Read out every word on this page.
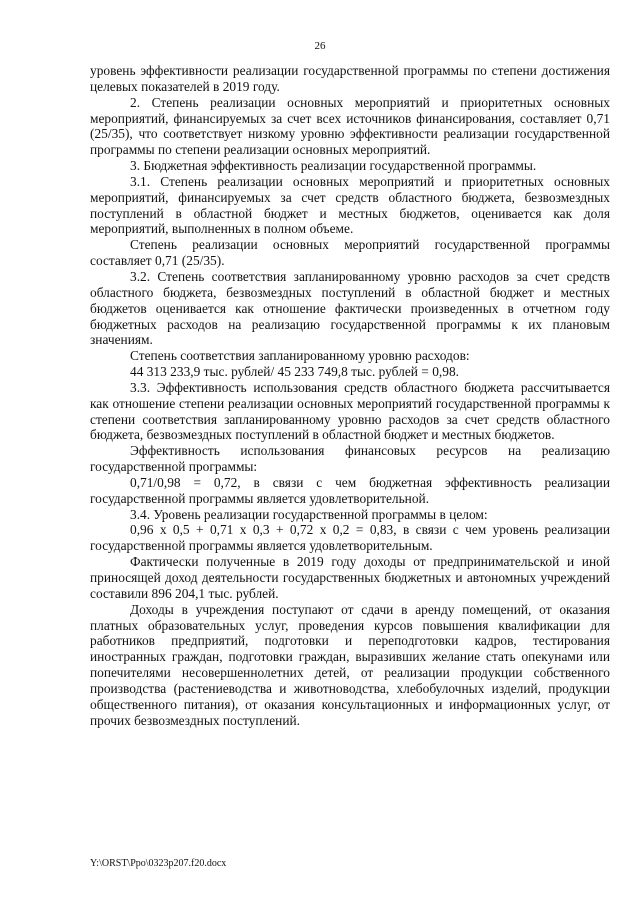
26

уровень эффективности реализации государственной программы по степени достижения целевых показателей в 2019 году.

2. Степень реализации основных мероприятий и приоритетных основных мероприятий, финансируемых за счет всех источников финансирования, составляет 0,71 (25/35), что соответствует низкому уровню эффективности реализации государственной программы по степени реализации основных мероприятий.

3. Бюджетная эффективность реализации государственной программы.

3.1. Степень реализации основных мероприятий и приоритетных основных мероприятий, финансируемых за счет средств областного бюджета, безвозмездных поступлений в областной бюджет и местных бюджетов, оценивается как доля мероприятий, выполненных в полном объеме.

Степень реализации основных мероприятий государственной программы составляет 0,71 (25/35).

3.2. Степень соответствия запланированному уровню расходов за счет средств областного бюджета, безвозмездных поступлений в областной бюджет и местных бюджетов оценивается как отношение фактически произведенных в отчетном году бюджетных расходов на реализацию государственной программы к их плановым значениям.

Степень соответствия запланированному уровню расходов:

44 313 233,9 тыс. рублей/ 45 233 749,8 тыс. рублей = 0,98.

3.3. Эффективность использования средств областного бюджета рассчитывается как отношение степени реализации основных мероприятий государственной программы к степени соответствия запланированному уровню расходов за счет средств областного бюджета, безвозмездных поступлений в областной бюджет и местных бюджетов.

Эффективность использования финансовых ресурсов на реализацию государственной программы:

0,71/0,98 = 0,72, в связи с чем бюджетная эффективность реализации государственной программы является удовлетворительной.

3.4. Уровень реализации государственной программы в целом:

0,96 x 0,5 + 0,71 x 0,3 + 0,72 x 0,2 = 0,83, в связи с чем уровень реализации государственной программы является удовлетворительным.

Фактически полученные в 2019 году доходы от предпринимательской и иной приносящей доход деятельности государственных бюджетных и автономных учреждений составили 896 204,1 тыс. рублей.

Доходы в учреждения поступают от сдачи в аренду помещений, от оказания платных образовательных услуг, проведения курсов повышения квалификации для работников предприятий, подготовки и переподготовки кадров, тестирования иностранных граждан, подготовки граждан, выразивших желание стать опекунами или попечителями несовершеннолетних детей, от реализации продукции собственного производства (растениеводства и животноводства, хлебобулочных изделий, продукции общественного питания), от оказания консультационных и информационных услуг, от прочих безвозмездных поступлений.

Y:\ORST\Ppo\0323p207.f20.docx
